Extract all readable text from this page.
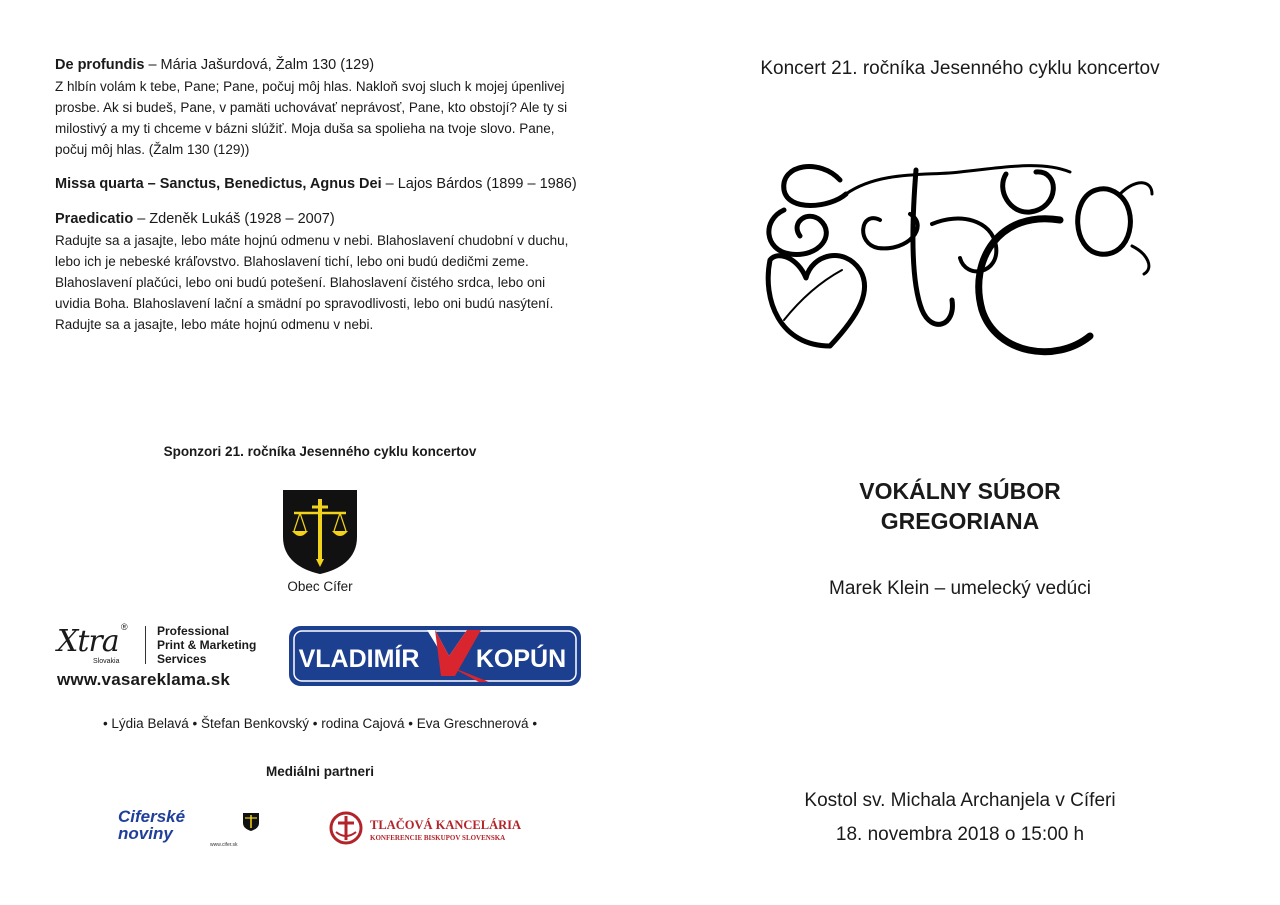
De profundis – Mária Jašurdová, Žalm 130 (129)

Z hlbín volám k tebe, Pane; Pane, počuj môj hlas. Nakloň svoj sluch k mojej úpenlivej prosbe. Ak si budeš, Pane, v pamäti uchovávať neprávosť, Pane, kto obstojí? Ale ty si milostivý a my ti chceme v bázni slúžiť. Moja duša sa spolieha na tvoje slovo. Pane, počuj môj hlas. (Žalm 130 (129))

Missa quarta – Sanctus, Benedictus, Agnus Dei – Lajos Bárdos (1899 – 1986)
Praedicatio – Zdeněk Lukáš (1928 – 2007)

Radujte sa a jasajte, lebo máte hojnú odmenu v nebi. Blahoslavení chudobní v duchu, lebo ich je nebeské kráľovstvo. Blahoslavení tichí, lebo oni budú dedičmi zeme. Blahoslavení plačúci, lebo oni budú potešení. Blahoslavení čistého srdca, lebo oni uvidia Boha. Blahoslavení lační a smädní po spravodlivosti, lebo oni budú nasýtení. Radujte sa a jasajte, lebo máte hojnú odmenu v nebi.

Sponzori 21. ročníka Jesenného cyklu koncertov
Obec Cífer
Xtra ®
Slovakia
Professional
Print & Marketing
Services
www.vasareklama.sk
VLADIMÍR KOPÚN
• Lýdia Belavá • Štefan Benkovský • rodina Cajová • Eva Greschnerová •
Mediálni partneri
Ciferské
noviny
www.cifer.sk
TLAČOVÁ KANCELÁRIA
KONFERENCIE BISKUPOV SLOVENSKA
Koncert 21. ročníka Jesenného cyklu koncertov
VOKÁLNY SÚBOR
GREGORIANA
Marek Klein – umelecký vedúci
Kostol sv. Michala Archanjela v Cíferi
18. novembra 2018 o 15:00 h
